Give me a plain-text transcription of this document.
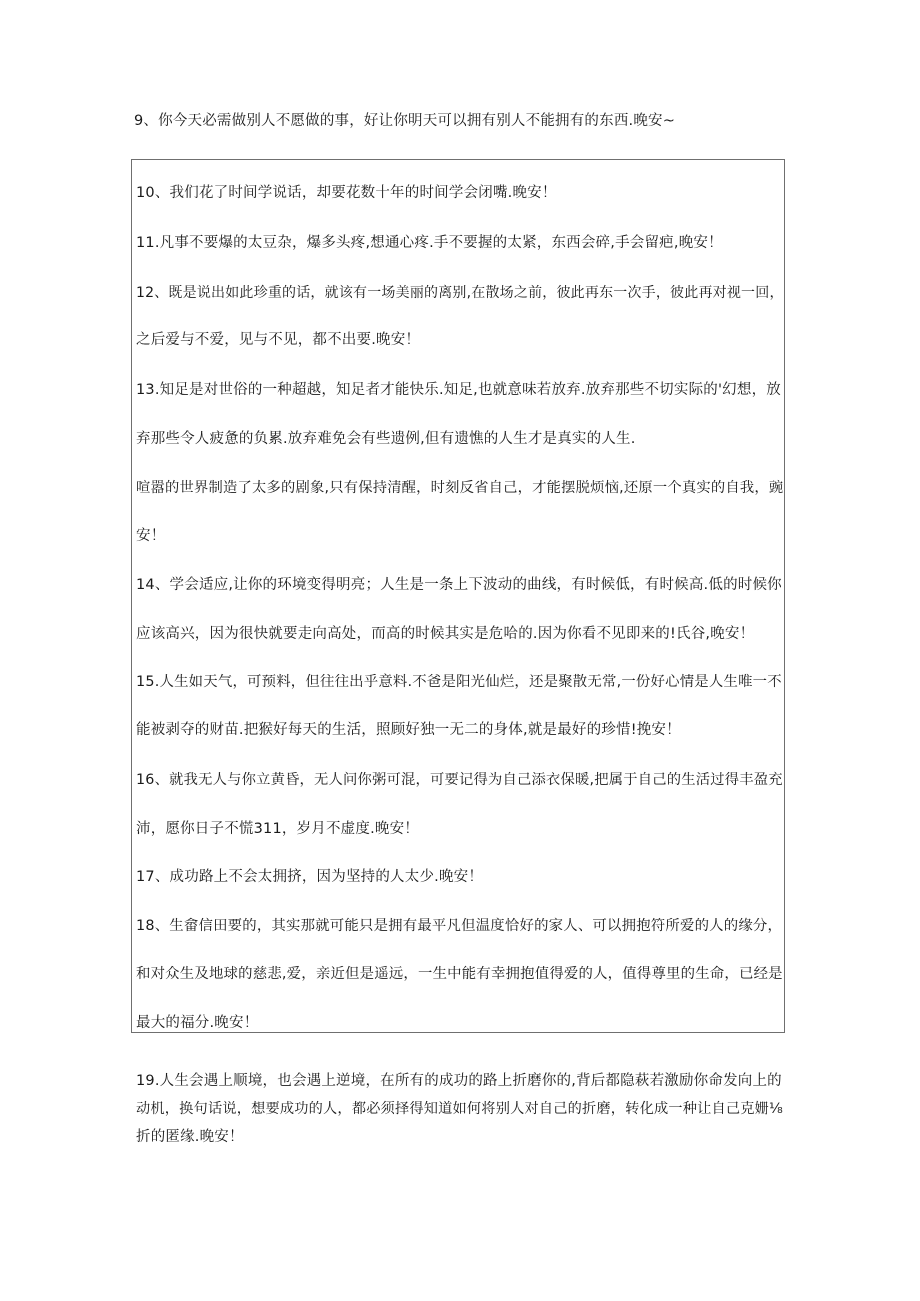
9、你今天必需做别人不愿做的事，好让你明天可以拥有别人不能拥有的东西.晚安~
10、我们花了时间学说话，却要花数十年的时间学会闭嘴.晚安！
11.凡事不要爆的太豆杂，爆多头疼,想通心疼.手不要握的太紧，东西会碎,手会留疤,晚安！
12、既是说出如此珍重的话，就该有一场美丽的离别,在散场之前，彼此再东一次手，彼此再对视一回，
之后爱与不爱，见与不见，都不出要.晚安！
13.知足是对世俗的一种超越，知足者才能快乐.知足,也就意味若放弃.放弃那些不切实际的'幻想，放
弃那些令人疲惫的负累.放弃难免会有些遗例,但有遗憔的人生才是真实的人生.
喧嚣的世界制造了太多的剧象,只有保持清醒，时刻反省自己，才能摆脱烦恼,还原一个真实的自我，豌
安！
14、学会适应,让你的环境变得明亮；人生是一条上下波动的曲线，有时候低，有时候高.低的时候你
应该高兴，因为很快就要走向高处，而高的时候其实是危哈的.因为你看不见即来的!氏谷,晚安！
15.人生如天气，可预料，但往往出乎意料.不爸是阳光仙烂，还是聚散无常,一份好心情是人生唯一不
能被剥夺的财苗.把猴好每天的生活，照顾好独一无二的身体,就是最好的珍惜!挽安！
16、就我无人与你立黄昏，无人问你粥可混，可要记得为自己添衣保暖,把属于自己的生活过得丰盈充
沛，愿你日子不慌311，岁月不虚度.晚安！
17、成功路上不会太拥挤，因为坚持的人太少.晚安！
18、生畲信田要的，其实那就可能只是拥有最平凡但温度恰好的家人、可以拥抱符所爱的人的缘分，
和对众生及地球的慈悲,爱，亲近但是遥远，一生中能有幸拥抱值得爱的人，值得尊里的生命，已经是
最大的福分.晚安！
19.人生会遇上顺境，也会遇上逆境，在所有的成功的路上折磨你的,背后都隐萩若激励你命发向上的
动机，换句话说，想要成功的人，都必须择得知道如何将别人对自己的折磨，转化成一种让自己克姗⅛
折的匿缘.晚安！
